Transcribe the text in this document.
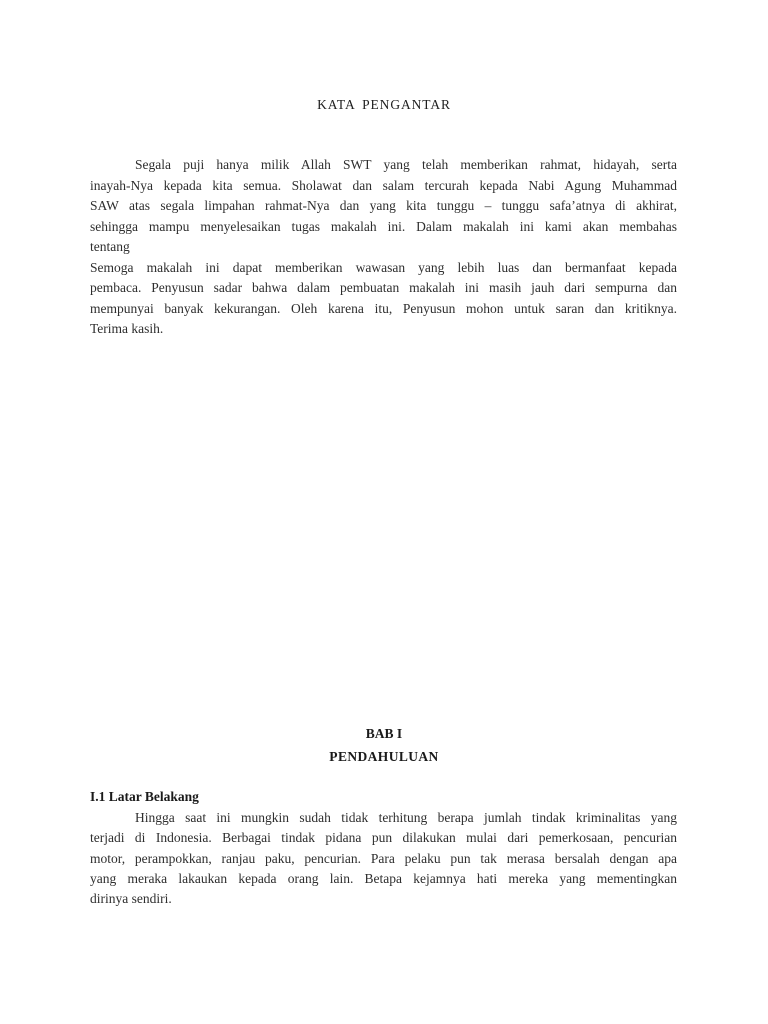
KATA PENGANTAR
Segala puji hanya milik Allah SWT yang telah memberikan rahmat, hidayah, serta
inayah-Nya kepada kita semua. Sholawat dan salam tercurah kepada Nabi Agung Muhammad
SAW atas segala limpahan rahmat-Nya dan yang kita tunggu – tunggu safa’atnya di akhirat,
sehingga mampu menyelesaikan tugas makalah ini. Dalam makalah ini kami akan membahas
tentang
Semoga makalah ini dapat memberikan wawasan yang lebih luas dan bermanfaat kepada
pembaca. Penyusun sadar bahwa dalam pembuatan makalah ini masih jauh dari sempurna dan
mempunyai banyak kekurangan. Oleh karena itu, Penyusun mohon untuk saran dan kritiknya.
Terima kasih.
BAB I
PENDAHULUAN
I.1 Latar Belakang
Hingga saat ini mungkin sudah tidak terhitung berapa jumlah tindak kriminalitas yang
terjadi di Indonesia. Berbagai tindak pidana pun dilakukan mulai dari pemerkosaan, pencurian
motor, perampokkan, ranjau paku, pencurian. Para pelaku pun tak merasa bersalah dengan apa
yang meraka lakaukan kepada orang lain. Betapa kejamnya hati mereka yang mementingkan
dirinya sendiri.
